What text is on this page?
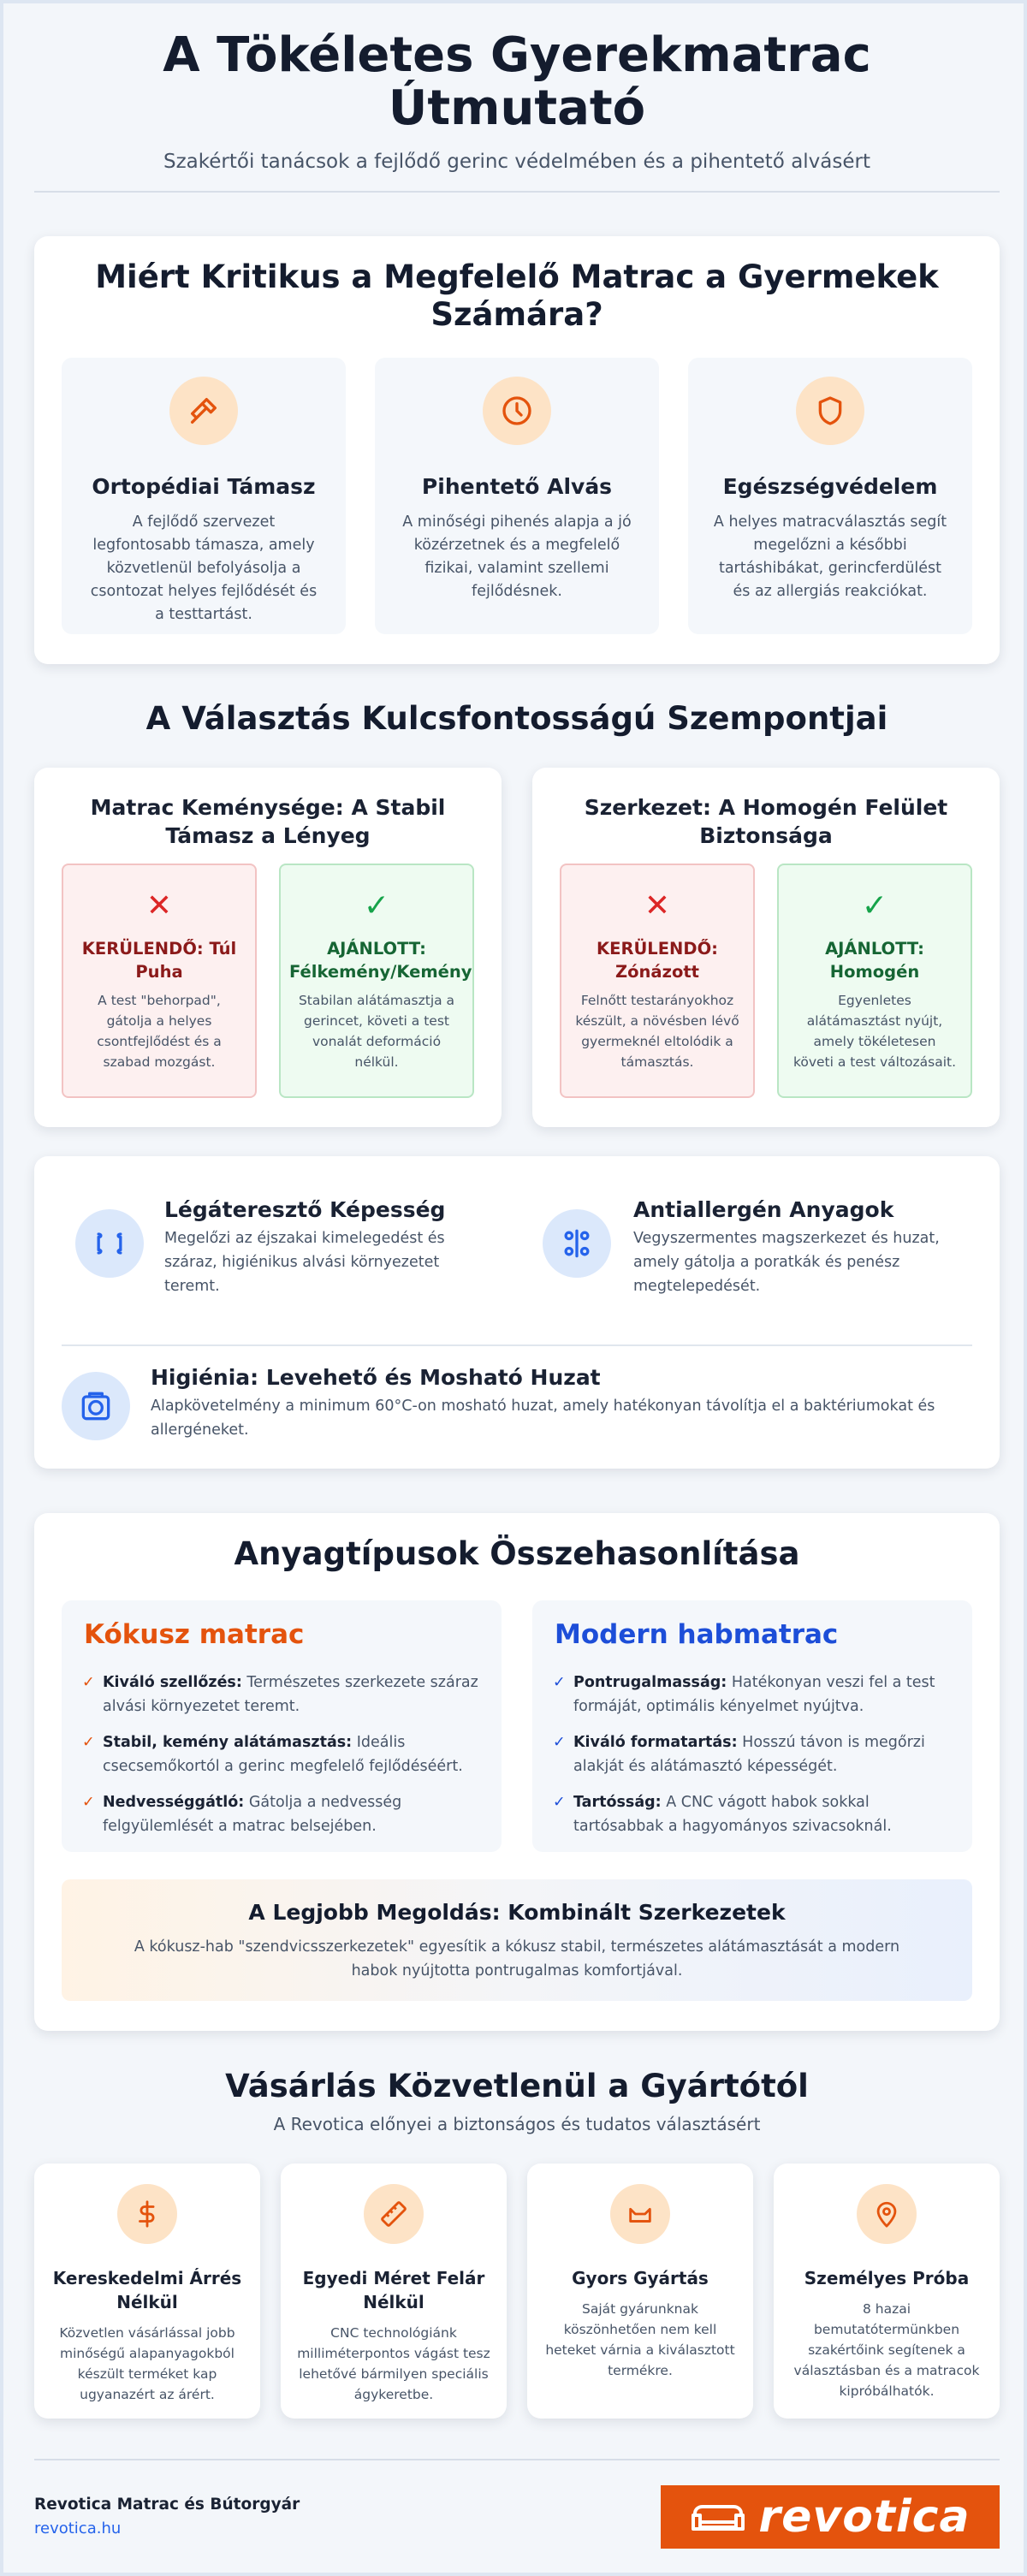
A Tökéletes Gyerekmatrac Útmutató
Szakértői tanácsok a fejlődő gerinc védelmében és a pihentető alvásért
Miért Kritikus a Megfelelő Matrac a Gyermekek Számára?
Ortopédiai Támasz

A fejlődő szervezet legfontosabb támasza, amely közvetlenül befolyásolja a csontozat helyes fejlődését és a testtartást.

Pihentető Alvás

A minőségi pihenés alapja a jó közérzetnek és a megfelelő fizikai, valamint szellemi fejlődésnek.

Egészségvédelem

A helyes matracválasztás segít megelőzni a későbbi tartáshibákat, gerincferdülést és az allergiás reakciókat.

A Választás Kulcsfontosságú Szempontjai
Matrac Keménysége: A Stabil Támasz a Lényeg
✕
KERÜLENDŐ: Túl Puha

A test "behorpad", gátolja a helyes csontfejlődést és a szabad mozgást.

✓
AJÁNLOTT: Félkemény/Kemény

Stabilan alátámasztja a gerincet, követi a test vonalát deformáció nélkül.

Szerkezet: A Homogén Felület Biztonsága
✕
KERÜLENDŐ: Zónázott

Felnőtt testarányokhoz készült, a növésben lévő gyermeknél eltolódik a támasztás.

✓
AJÁNLOTT: Homogén

Egyenletes alátámasztást nyújt, amely tökéletesen követi a test változásait.

Légáteresztő Képesség
Megelőzi az éjszakai kimelegedést és száraz, higiénikus alvási környezetet teremt.
Antiallergén Anyagok
Vegyszermentes magszerkezet és huzat, amely gátolja a poratkák és penész megtelepedését.
Higiénia: Levehető és Mosható Huzat
Alapkövetelmény a minimum 60°C-on mosható huzat, amely hatékonyan távolítja el a baktériumokat és allergéneket.
Anyagtípusok Összehasonlítása
Kókusz matrac
✓ Kiváló szellőzés: Természetes szerkezete száraz alvási környezetet teremt.
✓ Stabil, kemény alátámasztás: Ideális csecsemőkortól a gerinc megfelelő fejlődéséért.
✓ Nedvességgátló: Gátolja a nedvesség felgyülemlését a matrac belsejében.
Modern habmatrac
✓ Pontrugalmasság: Hatékonyan veszi fel a test formáját, optimális kényelmet nyújtva.
✓ Kiváló formatartás: Hosszú távon is megőrzi alakját és alátámasztó képességét.
✓ Tartósság: A CNC vágott habok sokkal tartósabbak a hagyományos szivacsoknál.
A Legjobb Megoldás: Kombinált Szerkezetek

A kókusz-hab "szendvicsszerkezetek" egyesítik a kókusz stabil, természetes alátámasztását a modern habok nyújtotta pontrugalmas komfortjával.

Vásárlás Közvetlenül a Gyártótól
A Revotica előnyei a biztonságos és tudatos választásért
Kereskedelmi Árrés Nélkül

Közvetlen vásárlással jobb minőségű alapanyagokból készült terméket kap ugyanazért az árért.

Egyedi Méret Felár Nélkül

CNC technológiánk milliméterpontos vágást tesz lehetővé bármilyen speciális ágykeretbe.

Gyors Gyártás

Saját gyárunknak köszönhetően nem kell heteket várnia a kiválasztott termékre.

Személyes Próba

8 hazai bemutatótermünkben szakértőink segítenek a választásban és a matracok kipróbálhatók.

Revotica Matrac és Bútorgyár
revotica.hu	revotica
